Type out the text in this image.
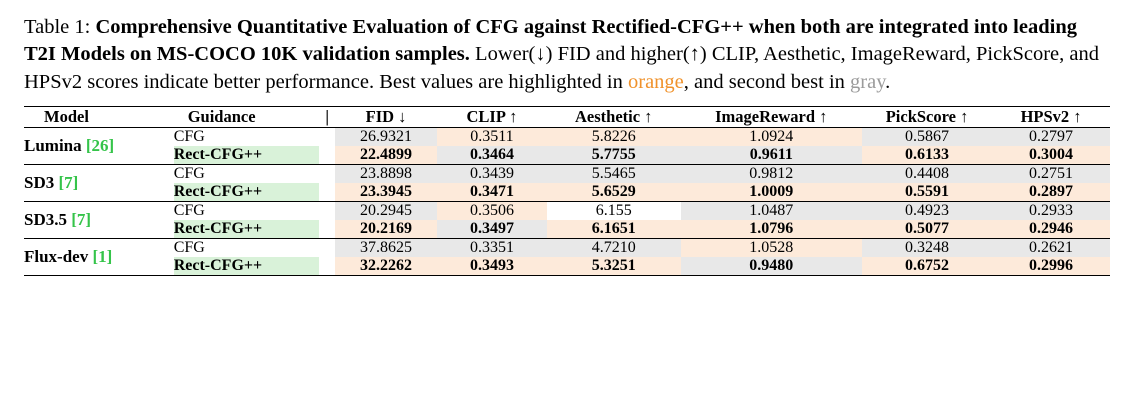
Table 1: Comprehensive Quantitative Evaluation of CFG against Rectified-CFG++ when both are integrated into leading T2I Models on MS-COCO 10K validation samples. Lower(↓) FID and higher(↑) CLIP, Aesthetic, ImageReward, PickScore, and HPSv2 scores indicate better performance. Best values are highlighted in orange, and second best in gray.

Model	Guidance	|	FID ↓	CLIP ↑	Aesthetic ↑	ImageReward ↑	PickScore ↑	HPSv2 ↑

Lumina [26]	CFG		26.9321	0.3511	5.8226	1.0924	0.5867	0.2797
	Rect-CFG++		22.4899	0.3464	5.7755	0.9611	0.6133	0.3004

SD3 [7]	CFG		23.8898	0.3439	5.5465	0.9812	0.4408	0.2751
	Rect-CFG++		23.3945	0.3471	5.6529	1.0009	0.5591	0.2897

SD3.5 [7]	CFG		20.2945	0.3506	6.155	1.0487	0.4923	0.2933
	Rect-CFG++		20.2169	0.3497	6.1651	1.0796	0.5077	0.2946

Flux-dev [1]	CFG		37.8625	0.3351	4.7210	1.0528	0.3248	0.2621
	Rect-CFG++		32.2262	0.3493	5.3251	0.9480	0.6752	0.2996
